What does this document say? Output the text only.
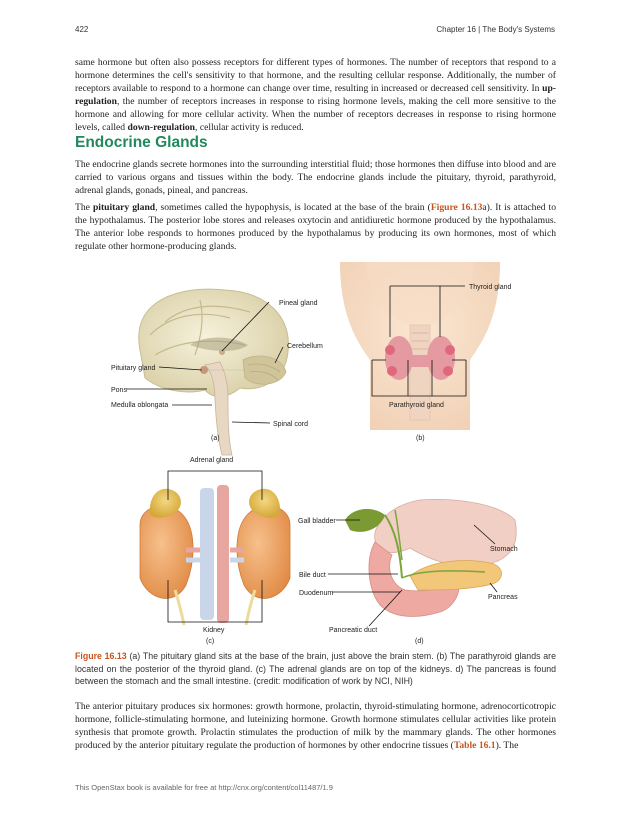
422	Chapter 16 | The Body's Systems

same hormone but often also possess receptors for different types of hormones. The number of receptors that respond to a hormone determines the cell's sensitivity to that hormone, and the resulting cellular response. Additionally, the number of receptors available to respond to a hormone can change over time, resulting in increased or decreased cell sensitivity. In up-regulation, the number of receptors increases in response to rising hormone levels, making the cell more sensitive to the hormone and allowing for more cellular activity. When the number of receptors decreases in response to rising hormone levels, called down-regulation, cellular activity is reduced.

Endocrine Glands

The endocrine glands secrete hormones into the surrounding interstitial fluid; those hormones then diffuse into blood and are carried to various organs and tissues within the body. The endocrine glands include the pituitary, thyroid, parathyroid, adrenal glands, gonads, pineal, and pancreas.

The pituitary gland, sometimes called the hypophysis, is located at the base of the brain (Figure 16.13a). It is attached to the hypothalamus. The posterior lobe stores and releases oxytocin and antidiuretic hormone produced by the hypothalamus. The anterior lobe responds to hormones produced by the hypothalamus by producing its own hormones, most of which regulate other hormone-producing glands.

Pineal gland
Cerebellum
Pituitary gland
Pons
Medulla oblongata
Spinal cord
(a)
Thyroid gland
Parathyroid gland
(b)
Adrenal gland
Kidney
(c)
Gall bladder
Stomach
Bile duct
Duodenum
Pancreas
Pancreatic duct
(d)

Figure 16.13 (a) The pituitary gland sits at the base of the brain, just above the brain stem. (b) The parathyroid glands are located on the posterior of the thyroid gland. (c) The adrenal glands are on top of the kidneys. d) The pancreas is found between the stomach and the small intestine. (credit: modification of work by NCI, NIH)

The anterior pituitary produces six hormones: growth hormone, prolactin, thyroid-stimulating hormone, adrenocorticotropic hormone, follicle-stimulating hormone, and luteinizing hormone. Growth hormone stimulates cellular activities like protein synthesis that promote growth. Prolactin stimulates the production of milk by the mammary glands. The other hormones produced by the anterior pituitary regulate the production of hormones by other endocrine tissues (Table 16.1). The

This OpenStax book is available for free at http://cnx.org/content/col11487/1.9
